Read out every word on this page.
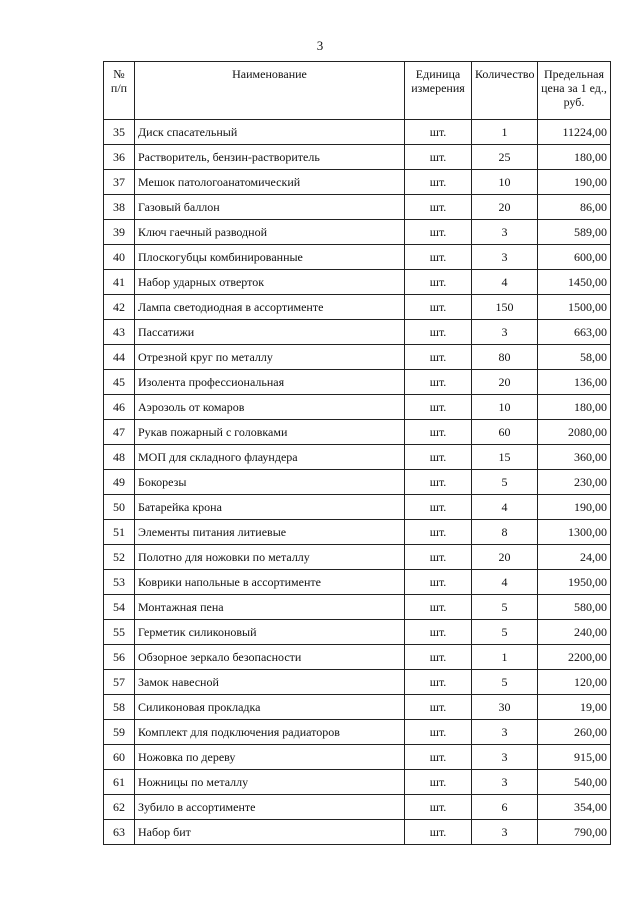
3
№ п/п	Наименование	Единица измерения	Количество	Предельная цена за 1 ед., руб.
35	Диск спасательный	шт.	1	11224,00
36	Растворитель, бензин-растворитель	шт.	25	180,00
37	Мешок патологоанатомический	шт.	10	190,00
38	Газовый баллон	шт.	20	86,00
39	Ключ гаечный разводной	шт.	3	589,00
40	Плоскогубцы комбинированные	шт.	3	600,00
41	Набор ударных отверток	шт.	4	1450,00
42	Лампа светодиодная в ассортименте	шт.	150	1500,00
43	Пассатижи	шт.	3	663,00
44	Отрезной круг по металлу	шт.	80	58,00
45	Изолента профессиональная	шт.	20	136,00
46	Аэрозоль от комаров	шт.	10	180,00
47	Рукав пожарный с головками	шт.	60	2080,00
48	МОП для складного флаундера	шт.	15	360,00
49	Бокорезы	шт.	5	230,00
50	Батарейка крона	шт.	4	190,00
51	Элементы питания литиевые	шт.	8	1300,00
52	Полотно для ножовки по металлу	шт.	20	24,00
53	Коврики напольные в ассортименте	шт.	4	1950,00
54	Монтажная пена	шт.	5	580,00
55	Герметик силиконовый	шт.	5	240,00
56	Обзорное зеркало безопасности	шт.	1	2200,00
57	Замок навесной	шт.	5	120,00
58	Силиконовая прокладка	шт.	30	19,00
59	Комплект для подключения радиаторов	шт.	3	260,00
60	Ножовка по дереву	шт.	3	915,00
61	Ножницы по металлу	шт.	3	540,00
62	Зубило в ассортименте	шт.	6	354,00
63	Набор бит	шт.	3	790,00
